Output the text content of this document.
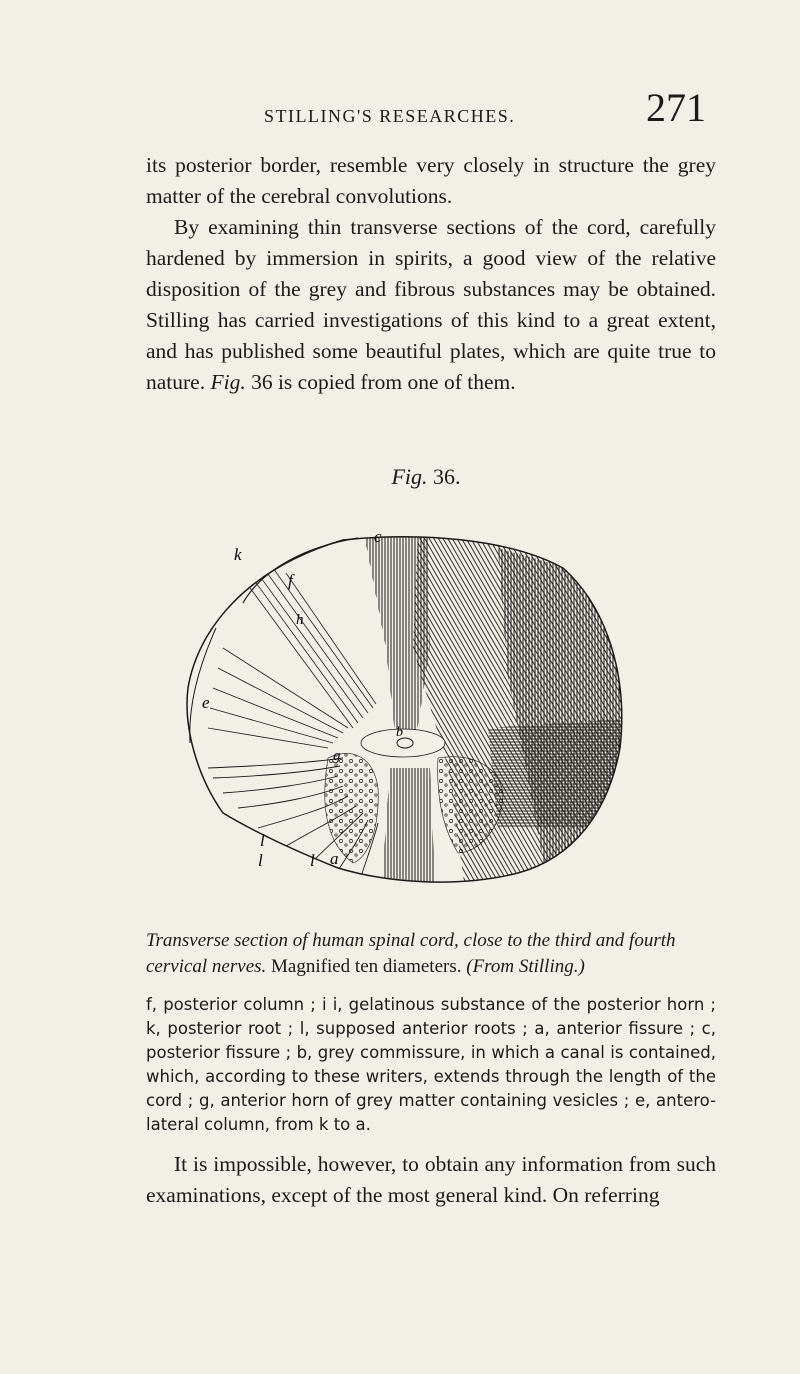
STILLING'S RESEARCHES.	271

its posterior border, resemble very closely in structure the grey matter of the cerebral convolutions.

By examining thin transverse sections of the cord, carefully hardened by immersion in spirits, a good view of the relative disposition of the grey and fibrous substances may be obtained. Stilling has carried investigations of this kind to a great extent, and has published some beautiful plates, which are quite true to nature. Fig. 36 is copied from one of them.

Fig. 36.
c
k
f
h
e
g
b
l
l	l a

Transverse section of human spinal cord, close to the third and fourth cervical nerves. Magnified ten diameters. (From Stilling.)

f, posterior column ; i i, gelatinous substance of the posterior horn ; k, posterior root ; l, supposed anterior roots ; a, anterior fissure ; c, posterior fissure ; b, grey commissure, in which a canal is contained, which, according to these writers, extends through the length of the cord ; g, anterior horn of grey matter containing vesicles ; e, antero-lateral column, from k to a.

It is impossible, however, to obtain any information from such examinations, except of the most general kind. On referring
